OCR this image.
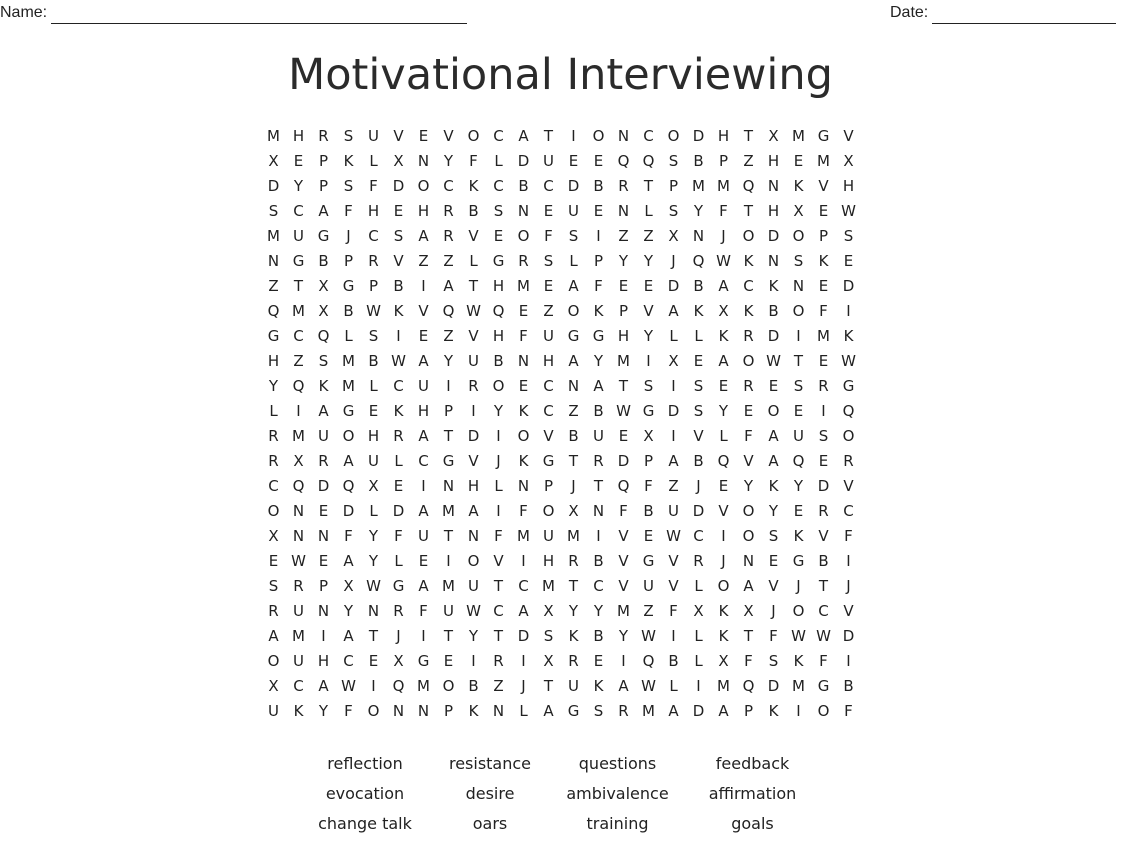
Name:	Date:
Motivational Interviewing
M H R	S U V	E	V O C A	T	I	O N C O D H T	X M G V
X	E	P	K	L	X N Y	F	L	D U E	E Q Q S	B	P	Z H E M X
D Y	P	S	F D O C K C B C D B R	T	P M M Q N K V H
S C A	F	H E H R B	S N E U E N	L	S	Y	F	T H X	E W
M U G	J	C	S	A R V	E O F	S	I	Z Z X N	J	O D O P	S
N G B	P	R V Z Z	L	G R	S	L	P	Y	Y	J	Q W K N S	K	E
Z	T	X G P	B	I	A	T H M E	A	F	E	E D B A C K N E D
Q M X B W K V Q W Q E	Z O K	P	V A K X K B O F	I
G C Q L	S	I	E	Z V H	F	U G G H Y	L	L	K R D	I	M K
H Z	S M B W A	Y U B N H A	Y M	I	X	E	A O W T	E W
Y Q K M L	C U	I	R O E	C N A	T	S	I	S	E	R	E	S	R G
L	I	A G E	K H P	I	Y	K C Z B W G D S	Y	E O E	I	Q
R M U O H R A	T D	I	O V B U E	X	I	V	L	F	A U S O
R X R A U	L	C G V	J	K G T	R D P	A B Q V A Q E	R
C Q D Q X	E	I	N H	L	N P	J	T Q F	Z	J	E	Y	K	Y D V
O N E D	L	D A M A	I	F O X N	F	B U D V O Y	E	R C
X N N	F	Y	F	U T N	F M U M	I	V	E W C	I	O S	K V	F
E W E	A	Y	L	E	I	O V	I	H R B V G V R	J	N E G B	I
S	R	P	X W G A M U T	C M T	C V U V	L O A V	J	T	J
R U N Y N R	F	U W C A X	Y	Y M Z	F	X K X	J	O C V
A M	I	A	T	J	I	T	Y	T D S	K B	Y W	I	L	K	T	F W W D
O U H C	E	X G E	I	R	I	X R	E	I	Q B	L	X	F	S	K	F	I
X C A W	I	Q M O B Z	J	T U K A W L	I	M Q D M G B
U K	Y	F O N N P	K N	L	A G S	R M A D A	P	K	I	O F
reflection	resistance	questions	feedback
evocation	desire	ambivalence	affirmation
change talk	oars	training	goals
